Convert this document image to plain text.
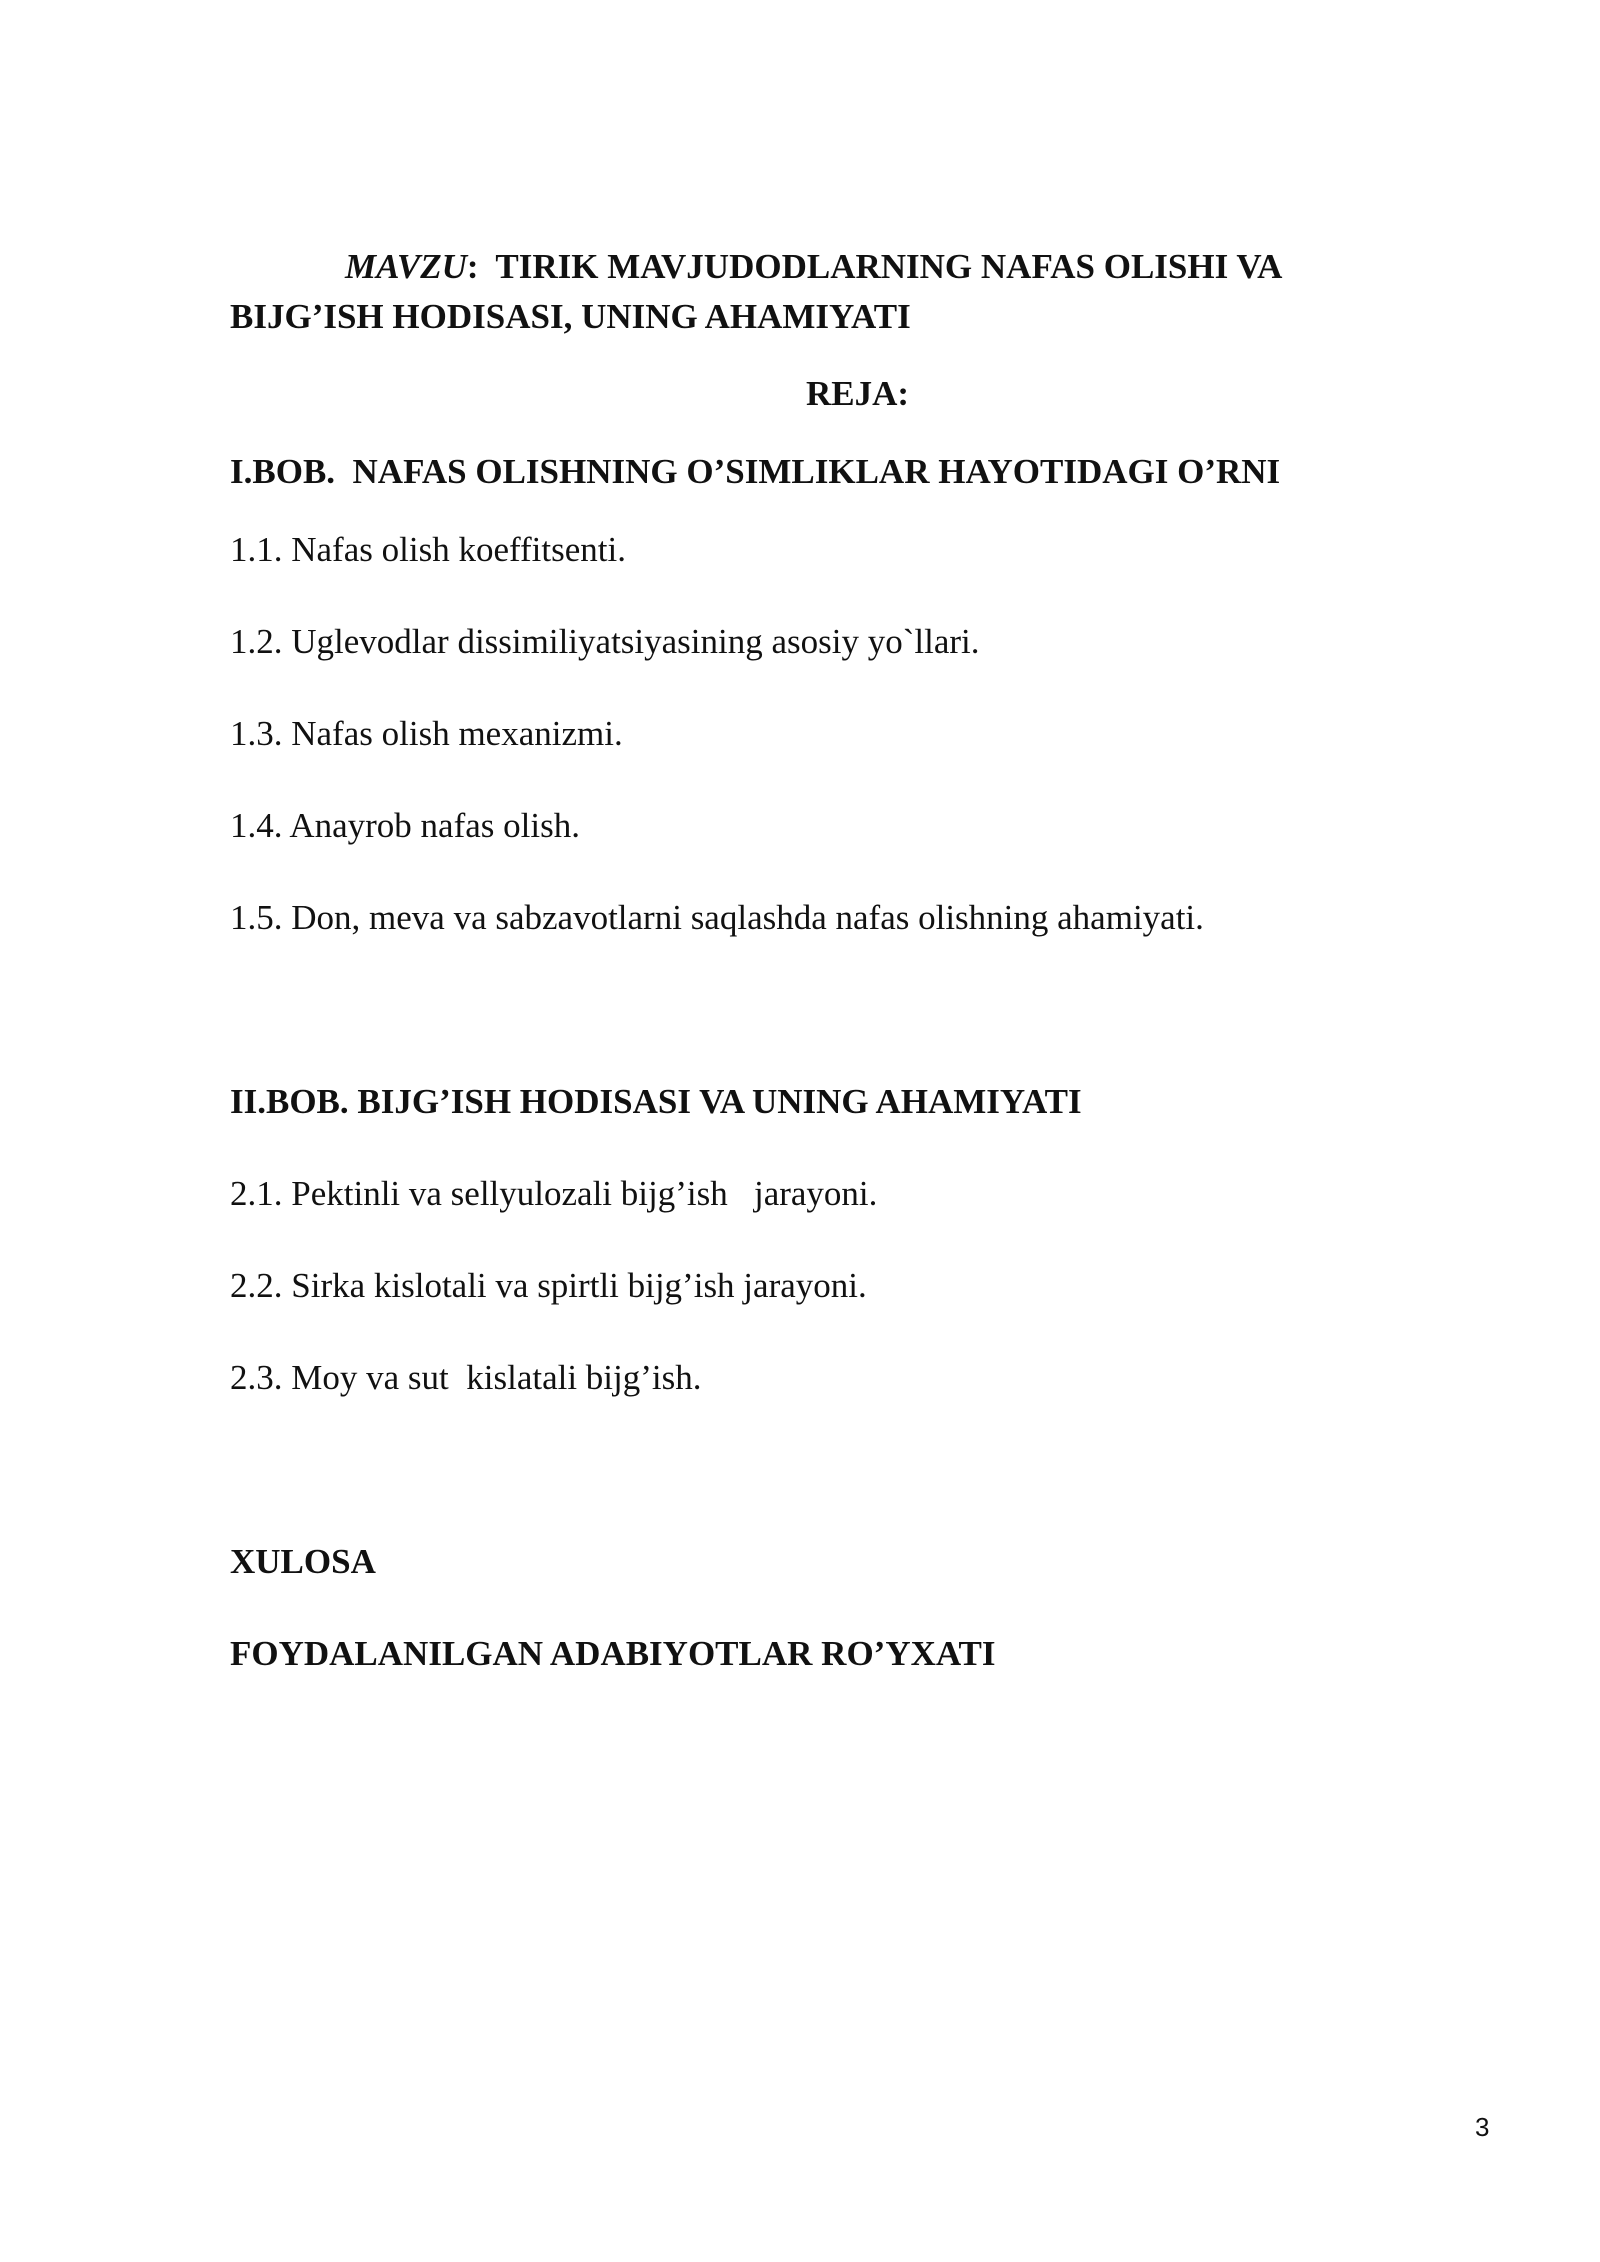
MAVZU:  TIRIK MAVJUDODLARNING NAFAS OLISHI VA
BIJG’ISH HODISASI, UNING AHAMIYATI
REJA:
I.BOB.  NAFAS OLISHNING O’SIMLIKLAR HAYOTIDAGI O’RNI
1.1. Nafas olish koeffitsenti.
1.2. Uglevodlar dissimiliyatsiyasining asosiy yo`llari.
1.3. Nafas olish mexanizmi.
1.4. Anayrob nafas olish.
1.5. Don, meva va sabzavotlarni saqlashda nafas olishning ahamiyati.
II.BOB. BIJG’ISH HODISASI VA UNING AHAMIYATI
2.1. Pektinli va sellyulozali bijg’ish   jarayoni.
2.2. Sirka kislotali va spirtli bijg’ish jarayoni.
2.3. Moy va sut  kislatali bijg’ish.
XULOSA
FOYDALANILGAN ADABIYOTLAR RO’YXATI
3
